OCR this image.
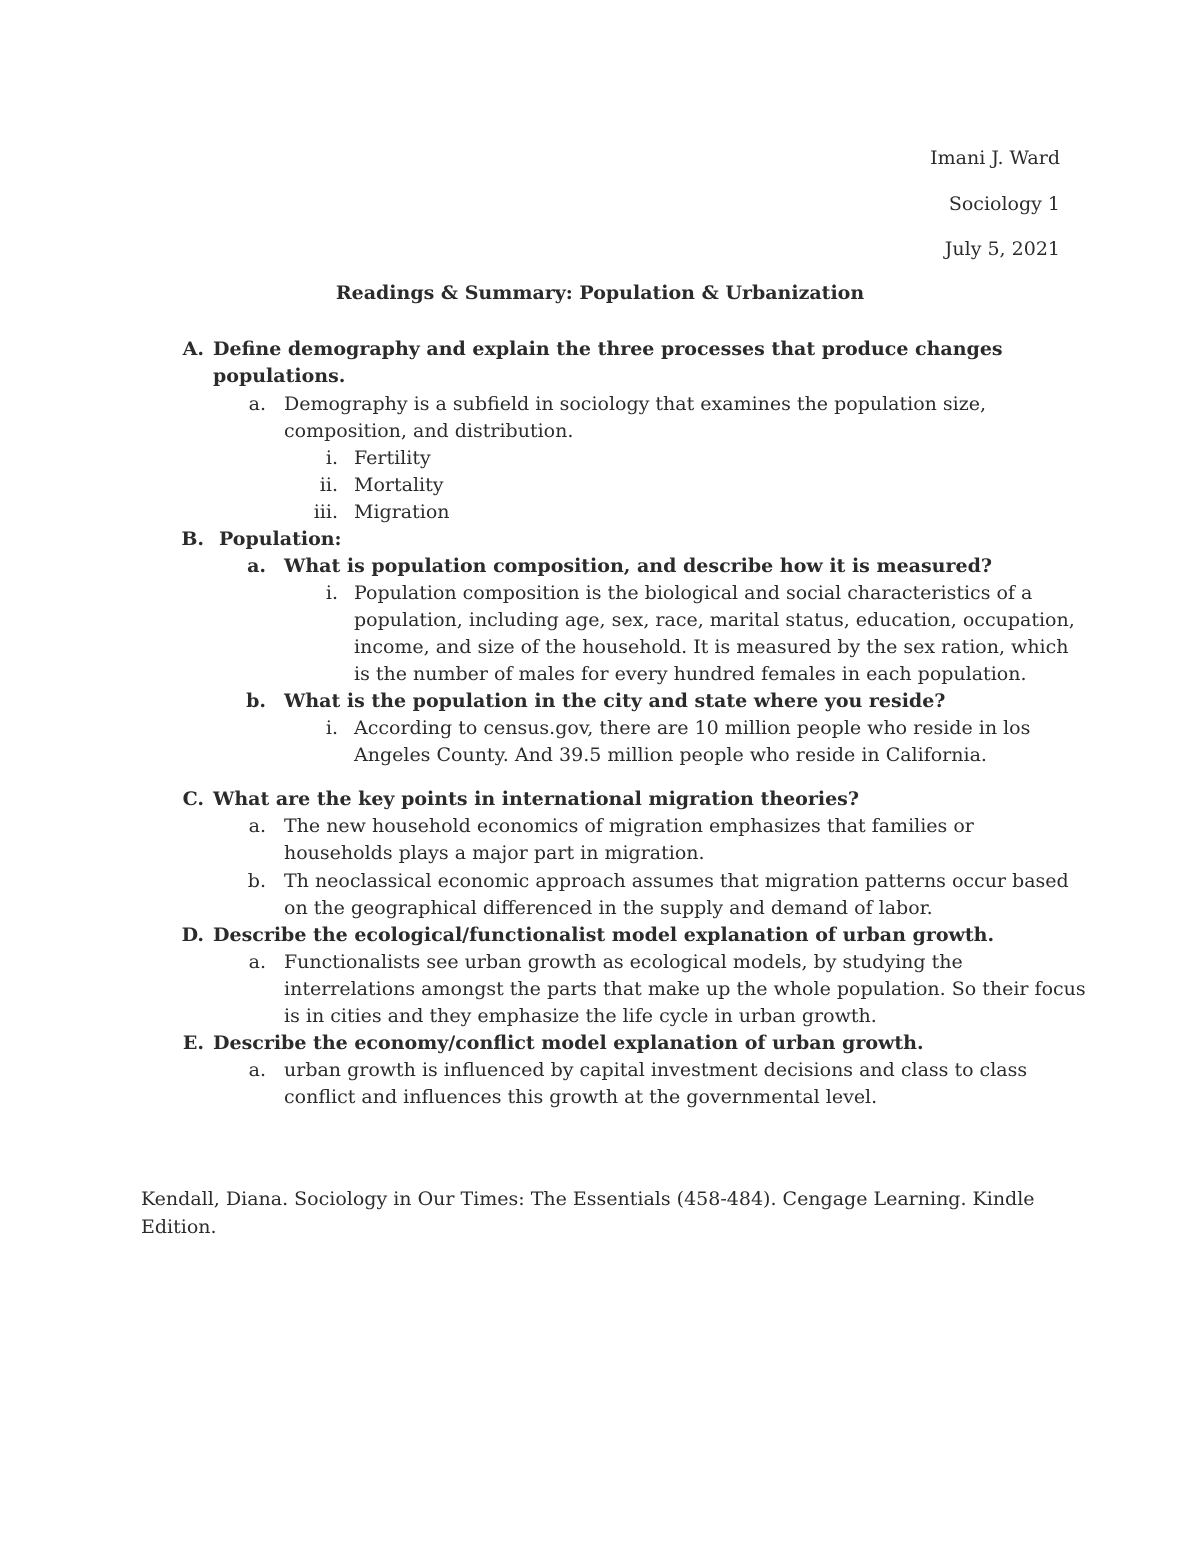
Imani J. Ward
Sociology 1
July 5, 2021
Readings & Summary: Population & Urbanization
A. Define demography and explain the three processes that produce changes
populations.
a. Demography is a subfield in sociology that examines the population size,
composition, and distribution.
i. Fertility
ii. Mortality
iii. Migration
B. Population:
a. What is population composition, and describe how it is measured?
i. Population composition is the biological and social characteristics of a
population, including age, sex, race, marital status, education, occupation,
income, and size of the household. It is measured by the sex ration, which
is the number of males for every hundred females in each population.
b. What is the population in the city and state where you reside?
i. According to census.gov, there are 10 million people who reside in los
Angeles County. And 39.5 million people who reside in California.
C. What are the key points in international migration theories?
a. The new household economics of migration emphasizes that families or
households plays a major part in migration.
b. Th neoclassical economic approach assumes that migration patterns occur based
on the geographical differenced in the supply and demand of labor.
D. Describe the ecological/functionalist model explanation of urban growth.
a. Functionalists see urban growth as ecological models, by studying the
interrelations amongst the parts that make up the whole population. So their focus
is in cities and they emphasize the life cycle in urban growth.
E. Describe the economy/conflict model explanation of urban growth.
a. urban growth is influenced by capital investment decisions and class to class
conflict and influences this growth at the governmental level.
Kendall, Diana. Sociology in Our Times: The Essentials (458-484). Cengage Learning. Kindle Edition.
